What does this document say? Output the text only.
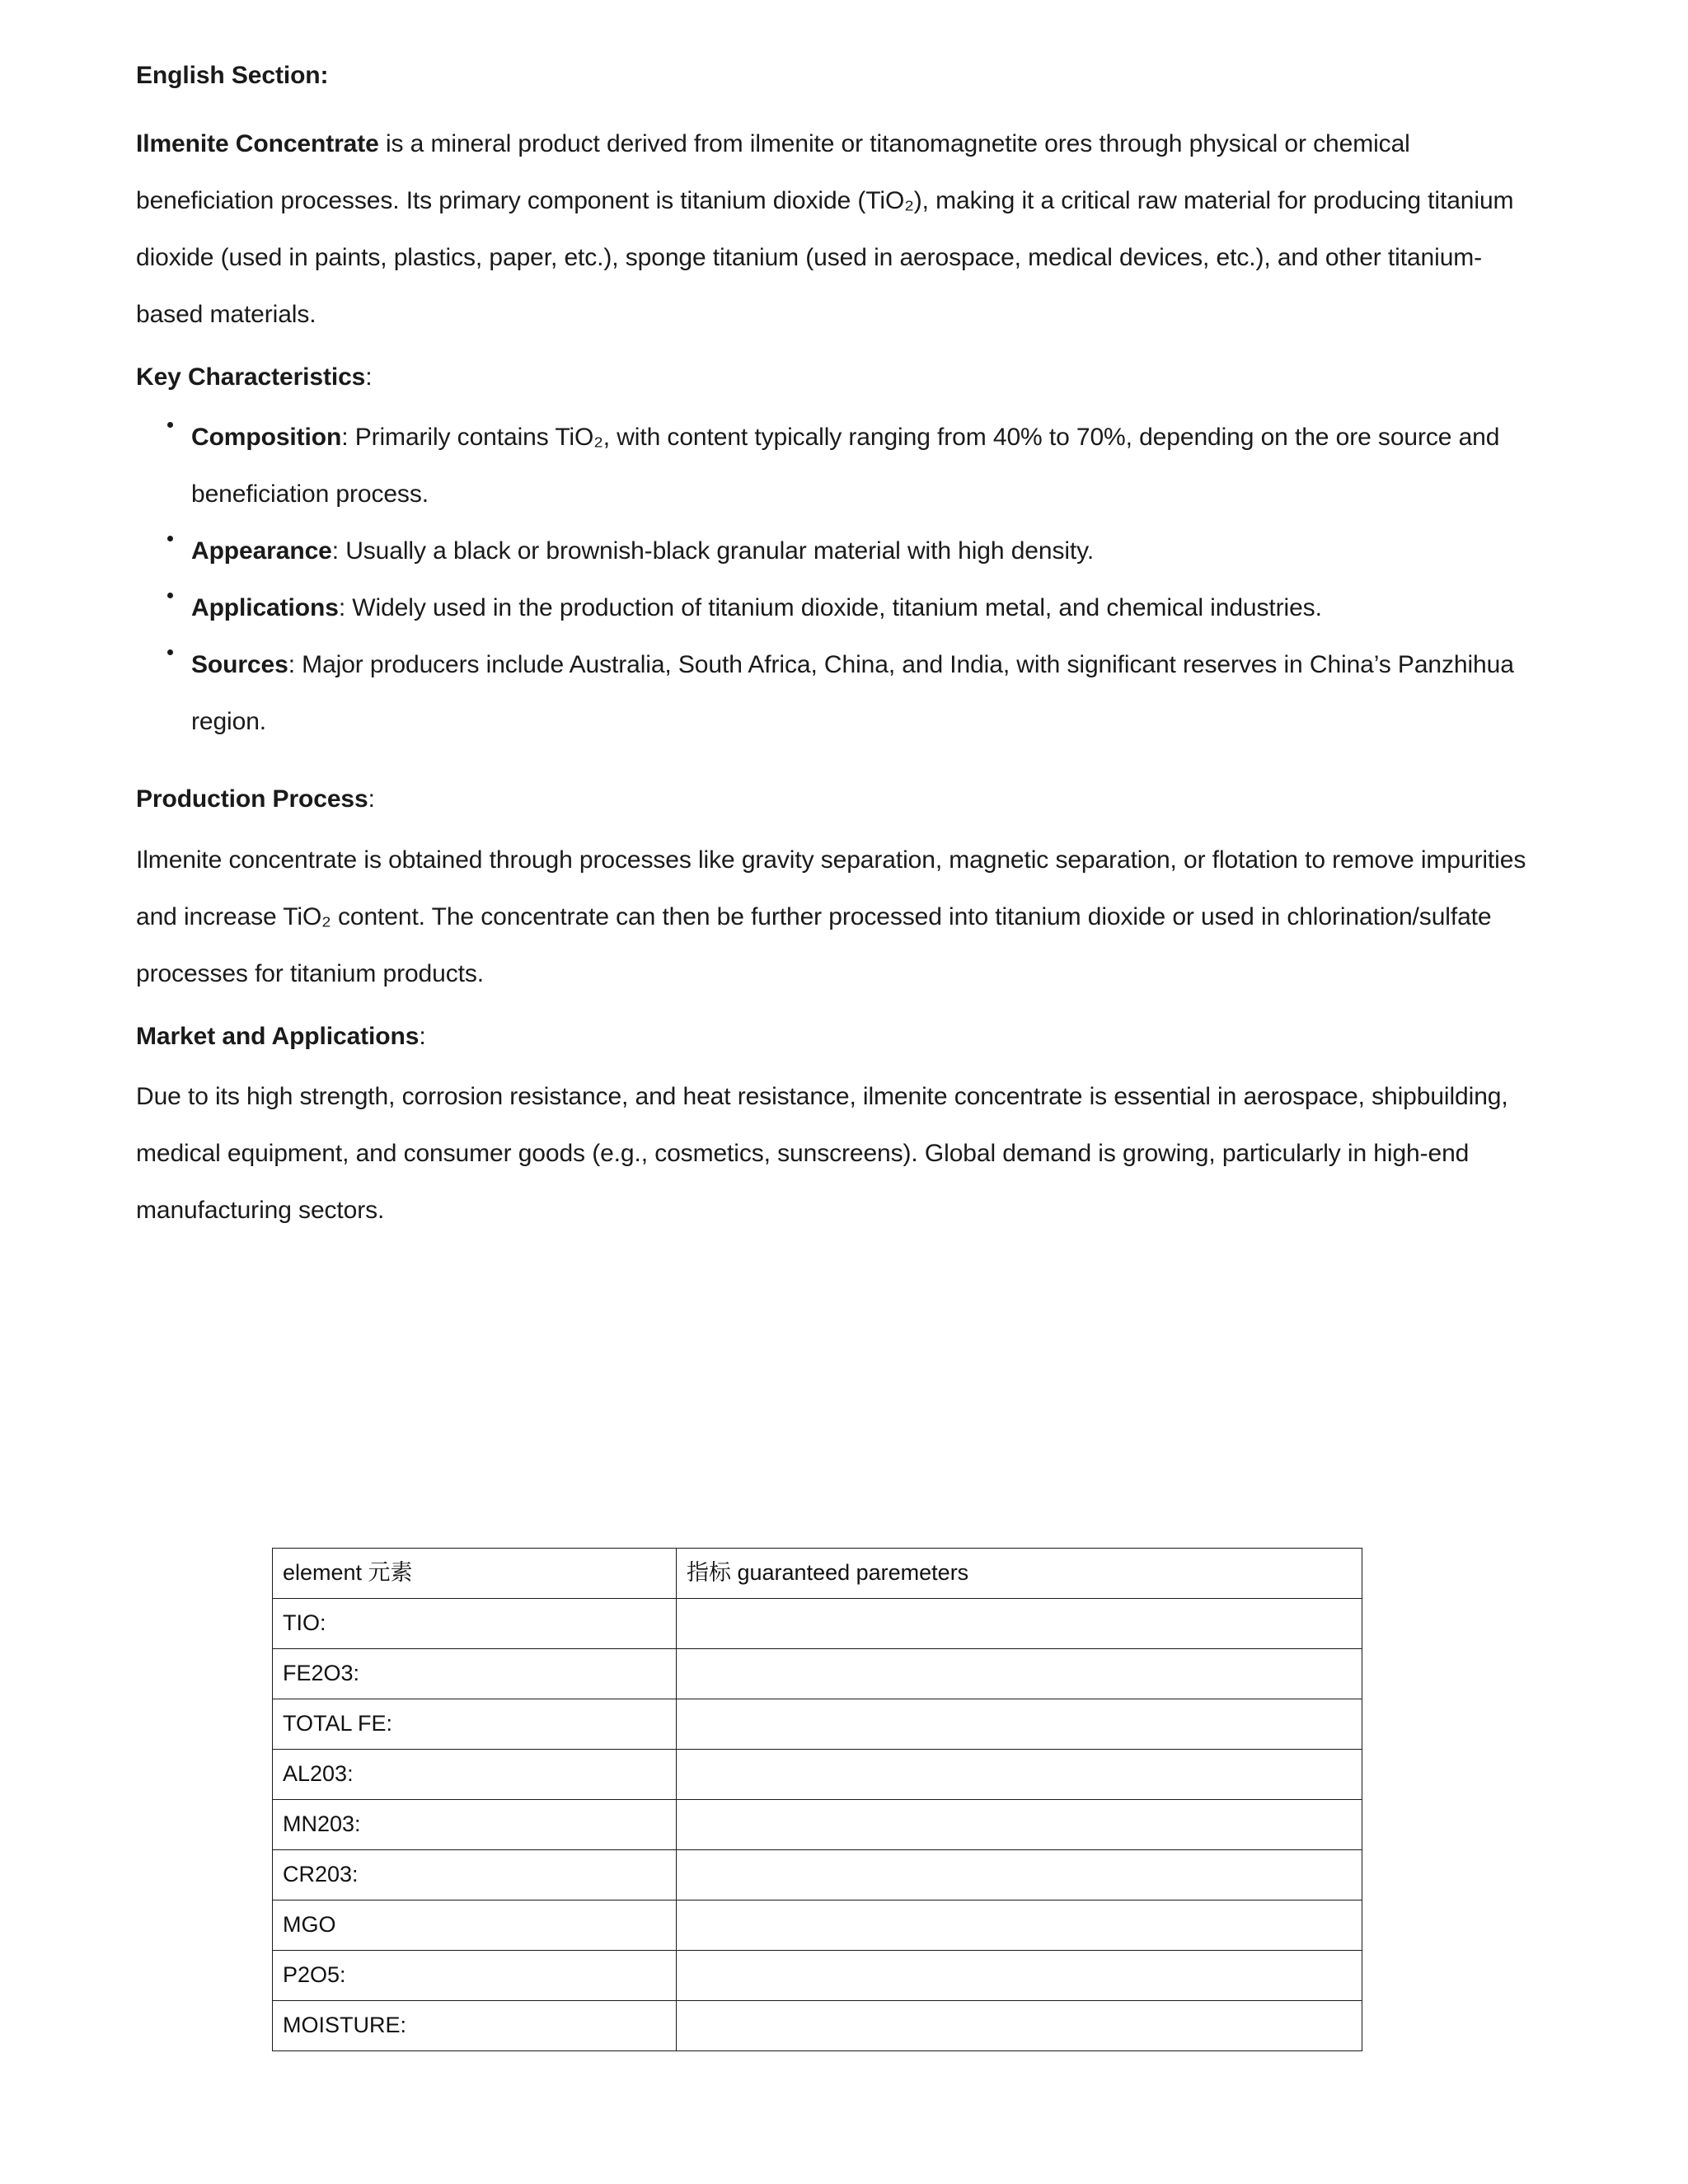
English Section:

Ilmenite Concentrate is a mineral product derived from ilmenite or titanomagnetite ores through physical or chemical beneficiation processes. Its primary component is titanium dioxide (TiO₂), making it a critical raw material for producing titanium dioxide (used in paints, plastics, paper, etc.), sponge titanium (used in aerospace, medical devices, etc.), and other titanium-based materials.

Key Characteristics:
Composition: Primarily contains TiO₂, with content typically ranging from 40% to 70%, depending on the ore source and beneficiation process.
Appearance: Usually a black or brownish-black granular material with high density.
Applications: Widely used in the production of titanium dioxide, titanium metal, and chemical industries.
Sources: Major producers include Australia, South Africa, China, and India, with significant reserves in China’s Panzhihua region.
Production Process:

Ilmenite concentrate is obtained through processes like gravity separation, magnetic separation, or flotation to remove impurities and increase TiO₂ content. The concentrate can then be further processed into titanium dioxide or used in chlorination/sulfate processes for titanium products.

Market and Applications:

Due to its high strength, corrosion resistance, and heat resistance, ilmenite concentrate is essential in aerospace, shipbuilding, medical equipment, and consumer goods (e.g., cosmetics, sunscreens). Global demand is growing, particularly in high-end manufacturing sectors.

element 元素	指标 guaranteed paremeters
TIO:	
FE2O3:	
TOTAL FE:	
AL203:	
MN203:	
CR203:	
MGO	
P2O5:	
MOISTURE:	
